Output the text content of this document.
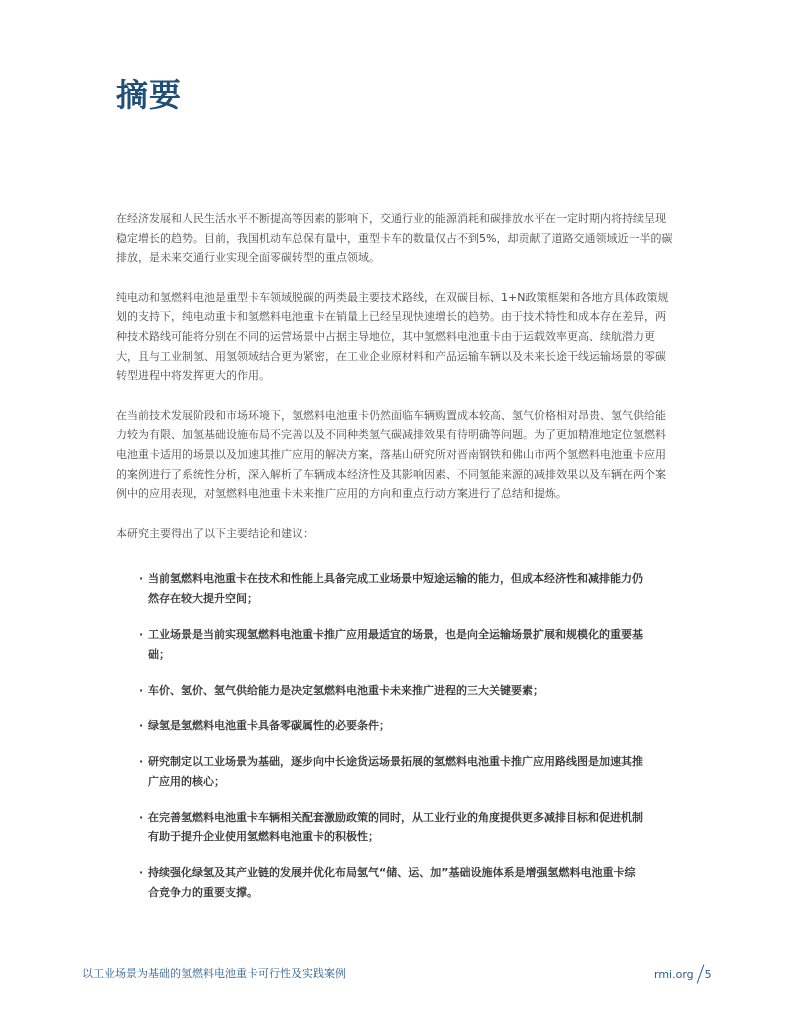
摘要

在经济发展和人民生活水平不断提高等因素的影响下，交通行业的能源消耗和碳排放水平在一定时期内将持续呈现稳定增长的趋势。目前，我国机动车总保有量中，重型卡车的数量仅占不到5%，却贡献了道路交通领域近一半的碳排放，是未来交通行业实现全面零碳转型的重点领域。

纯电动和氢燃料电池是重型卡车领域脱碳的两类最主要技术路线，在双碳目标、1+N政策框架和各地方具体政策规划的支持下，纯电动重卡和氢燃料电池重卡在销量上已经呈现快速增长的趋势。由于技术特性和成本存在差异，两种技术路线可能将分别在不同的运营场景中占据主导地位，其中氢燃料电池重卡由于运载效率更高、续航潜力更大，且与工业制氢、用氢领域结合更为紧密，在工业企业原材料和产品运输车辆以及未来长途干线运输场景的零碳转型进程中将发挥更大的作用。

在当前技术发展阶段和市场环境下，氢燃料电池重卡仍然面临车辆购置成本较高、氢气价格相对昂贵、氢气供给能力较为有限、加氢基础设施布局不完善以及不同种类氢气碳减排效果有待明确等问题。为了更加精准地定位氢燃料电池重卡适用的场景以及加速其推广应用的解决方案，落基山研究所对晋南钢铁和佛山市两个氢燃料电池重卡应用的案例进行了系统性分析，深入解析了车辆成本经济性及其影响因素、不同氢能来源的减排效果以及车辆在两个案例中的应用表现，对氢燃料电池重卡未来推广应用的方向和重点行动方案进行了总结和提炼。

本研究主要得出了以下主要结论和建议：

· 当前氢燃料电池重卡在技术和性能上具备完成工业场景中短途运输的能力，但成本经济性和减排能力仍然存在较大提升空间；
· 工业场景是当前实现氢燃料电池重卡推广应用最适宜的场景，也是向全运输场景扩展和规模化的重要基础；
· 车价、氢价、氢气供给能力是决定氢燃料电池重卡未来推广进程的三大关键要素；
· 绿氢是氢燃料电池重卡具备零碳属性的必要条件；
· 研究制定以工业场景为基础，逐步向中长途货运场景拓展的氢燃料电池重卡推广应用路线图是加速其推广应用的核心；
· 在完善氢燃料电池重卡车辆相关配套激励政策的同时，从工业行业的角度提供更多减排目标和促进机制有助于提升企业使用氢燃料电池重卡的积极性；
· 持续强化绿氢及其产业链的发展并优化布局氢气“储、运、加”基础设施体系是增强氢燃料电池重卡综合竞争力的重要支撑。
以工业场景为基础的氢燃料电池重卡可行性及实践案例	rmi.org 5
